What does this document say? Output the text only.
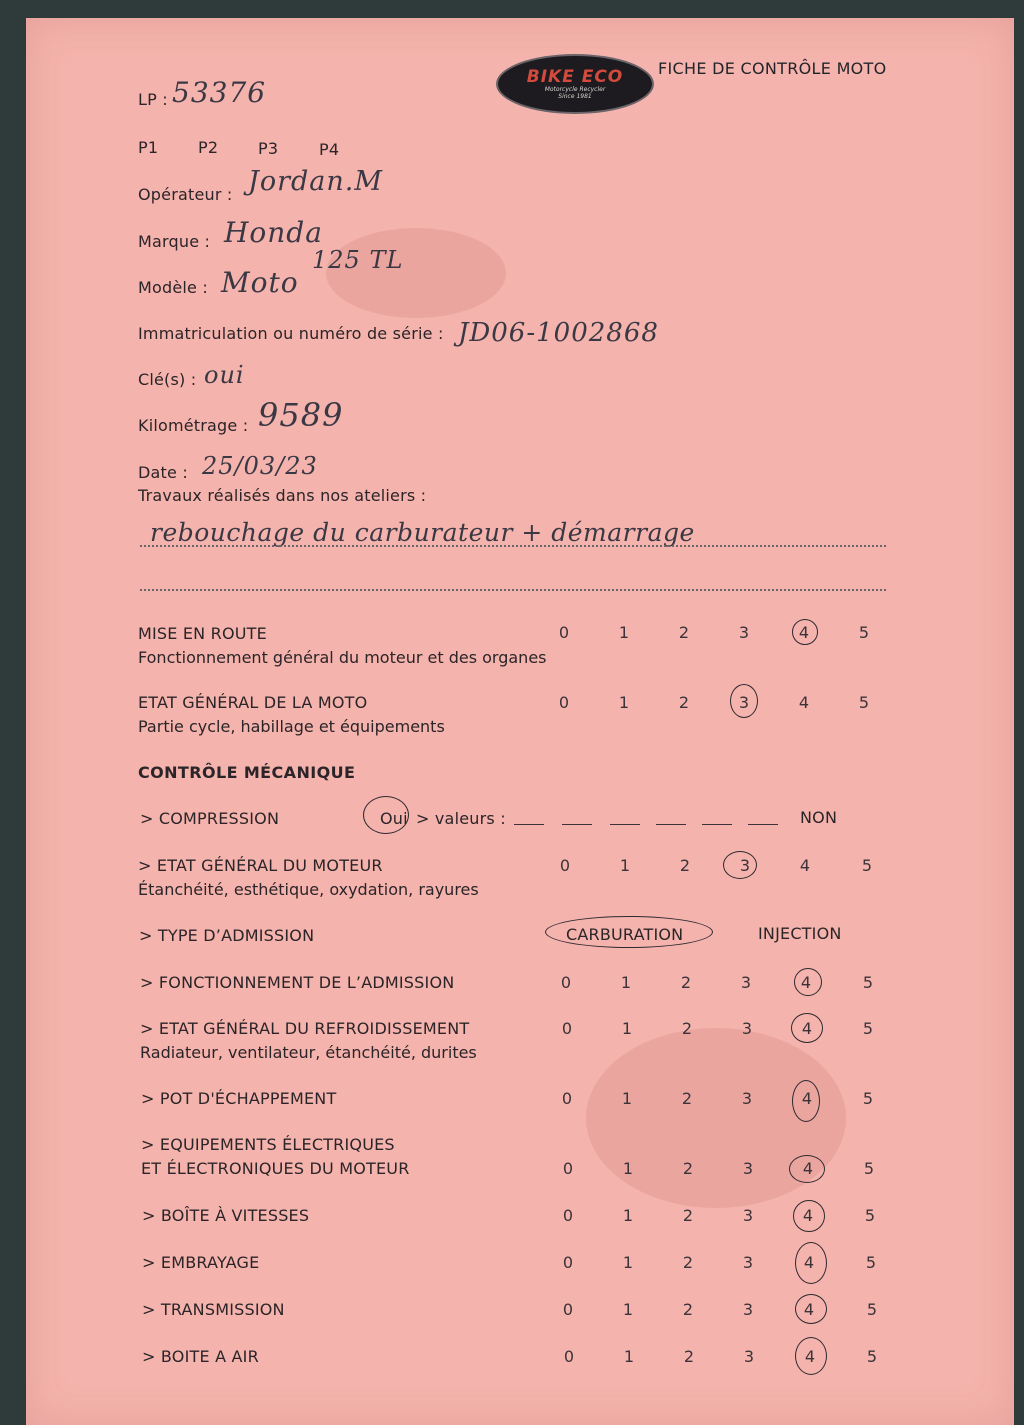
LP : 53376	BIKE ECO
Motorcycle Recycler
Since 1981
FICHE DE CONTRÔLE MOTO
P1 P2 P3	P4
Opérateur : Jordan.M
Marque : Honda
Modèle : Moto
125 TL
Immatriculation ou numéro de série : JD06-1002868
Clé(s) : oui
Kilométrage : 9589
Date : 25/03/23
Travaux réalisés dans nos ateliers :
rebouchage du carburateur + démarrage
MISE EN ROUTE
Fonctionnement général du moteur et des organes
0	1	2	3	4	5
ETAT GÉNÉRAL DE LA MOTO
Partie cycle, habillage et équipements
0	1	2	3	4	5
CONTRÔLE MÉCANIQUE
> COMPRESSION	Oui > valeurs :	NON
> ETAT GÉNÉRAL DU MOTEUR
Étanchéité, esthétique, oxydation, rayures
0	1	2	3	4	5
> TYPE D’ADMISSION	CARBURATION	INJECTION
> FONCTIONNEMENT DE L’ADMISSION	0	1	2	3	4	5
> ETAT GÉNÉRAL DU REFROIDISSEMENT
Radiateur, ventilateur, étanchéité, durites
0	1	2	3	4	5
> POT D'ÉCHAPPEMENT	0	1	2	3	4	5
> EQUIPEMENTS ÉLECTRIQUES
ET ÉLECTRONIQUES DU MOTEUR	0	1	2	3	4	5
> BOÎTE À VITESSES	0	1	2	3	4	5
> EMBRAYAGE	0	1	2	3	4	5
> TRANSMISSION	0	1	2	3	4	5
> BOITE A AIR	0	1	2	3	4	5
